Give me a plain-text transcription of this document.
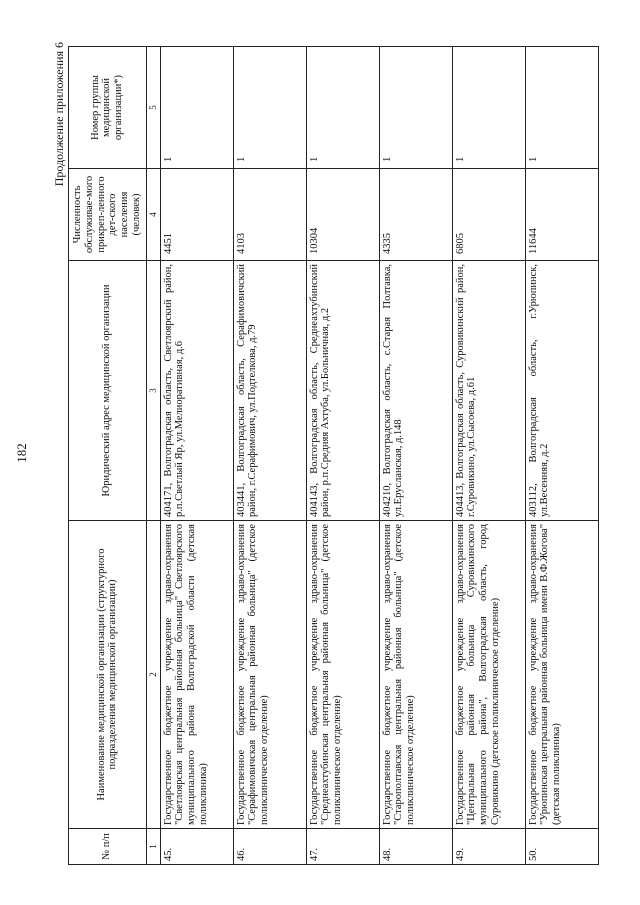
182
Продолжение приложения 6
№ п/п	Наименование медицинской организации (структурного подразделения медицинской организации)	Юридический адрес медицинской организации	Численность обслуживае-мого прикреп-ленного дет-ского населения (человек)	Номер группы медицинской организации*)
1	2	3	4	5
45.	Государственное бюджетное учреждение здраво-охранения "Светлоярская центральная районная больница" Светлоярского муниципального района Волгоградской области (детская поликлиника)	404171, Волгоградская область, Светлоярский район, р.п.Светлый Яр, ул.Мелиоративная, д.6	4451	1
46.	Государственное бюджетное учреждение здраво-охранения "Серафимовичская центральная районная больница" (детское поликлиническое отделение)	403441, Волгоградская область, Серафимовичский район, г.Серафимович, ул.Подтелкова, д.79	4103	1
47.	Государственное бюджетное учреждение здраво-охранения "Среднеахтубинская центральная районная больница" (детское поликлиническое отделение)	404143, Волгоградская область, Среднеахтубинский район, р.п.Средняя Ахтуба, ул.Больничная, д.2	10304	1
48.	Государственное бюджетное учреждение здраво-охранения "Старополтавская центральная районная больница" (детское поликлиническое отделение)	404210, Волгоградская область, с.Старая Полтавка, ул.Ерусланская, д.148	4335	1
49.	Государственное бюджетное учреждение здраво-охранения "Центральная районная больница Суровикинского муниципального района", Волгоградская область, город Суровикино (детское поликлиническое отделение)	404413, Волгоградская область, Суровикинский район, г.Суровикино, ул.Сысоева, д.61	6805	1
50.	Государственное бюджетное учреждение здраво-охранения "Урюпинская центральная районная больница имени В.Ф.Жогова" (детская поликлиника)	403112, Волгоградская область, г.Урюпинск, ул.Весенняя, д.2	11644	1
